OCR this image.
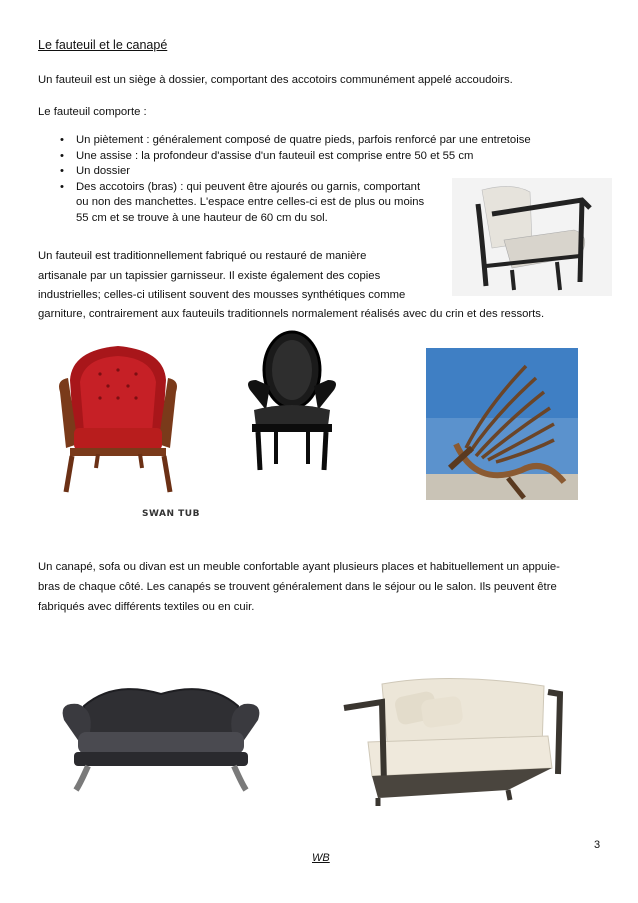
Le fauteuil et le canapé
Un fauteuil est un siège à dossier, comportant des accotoirs communément appelé accoudoirs.
Le fauteuil comporte :
• Un piètement : généralement composé de quatre pieds, parfois renforcé par une entretoise
• Une assise : la profondeur d'assise d'un fauteuil est comprise entre 50 et 55 cm
• Un dossier
• Des accotoirs (bras) : qui peuvent être ajourés ou garnis, comportant
ou non des manchettes. L'espace entre celles-ci est de plus ou moins
55 cm et se trouve à une hauteur de 60 cm du sol.
Un fauteuil est traditionnellement fabriqué ou restauré de manière
artisanale par un tapissier garnisseur. Il existe également des copies
industrielles; celles-ci utilisent souvent des mousses synthétiques comme
garniture, contrairement aux fauteuils traditionnels normalement réalisés avec du crin et des ressorts.
SWAN TUB
Un canapé, sofa ou divan est un meuble confortable ayant plusieurs places et habituellement un appuie-
bras de chaque côté. Les canapés se trouvent généralement dans le séjour ou le salon. Ils peuvent être
fabriqués avec différents textiles ou en cuir.
3
WB
